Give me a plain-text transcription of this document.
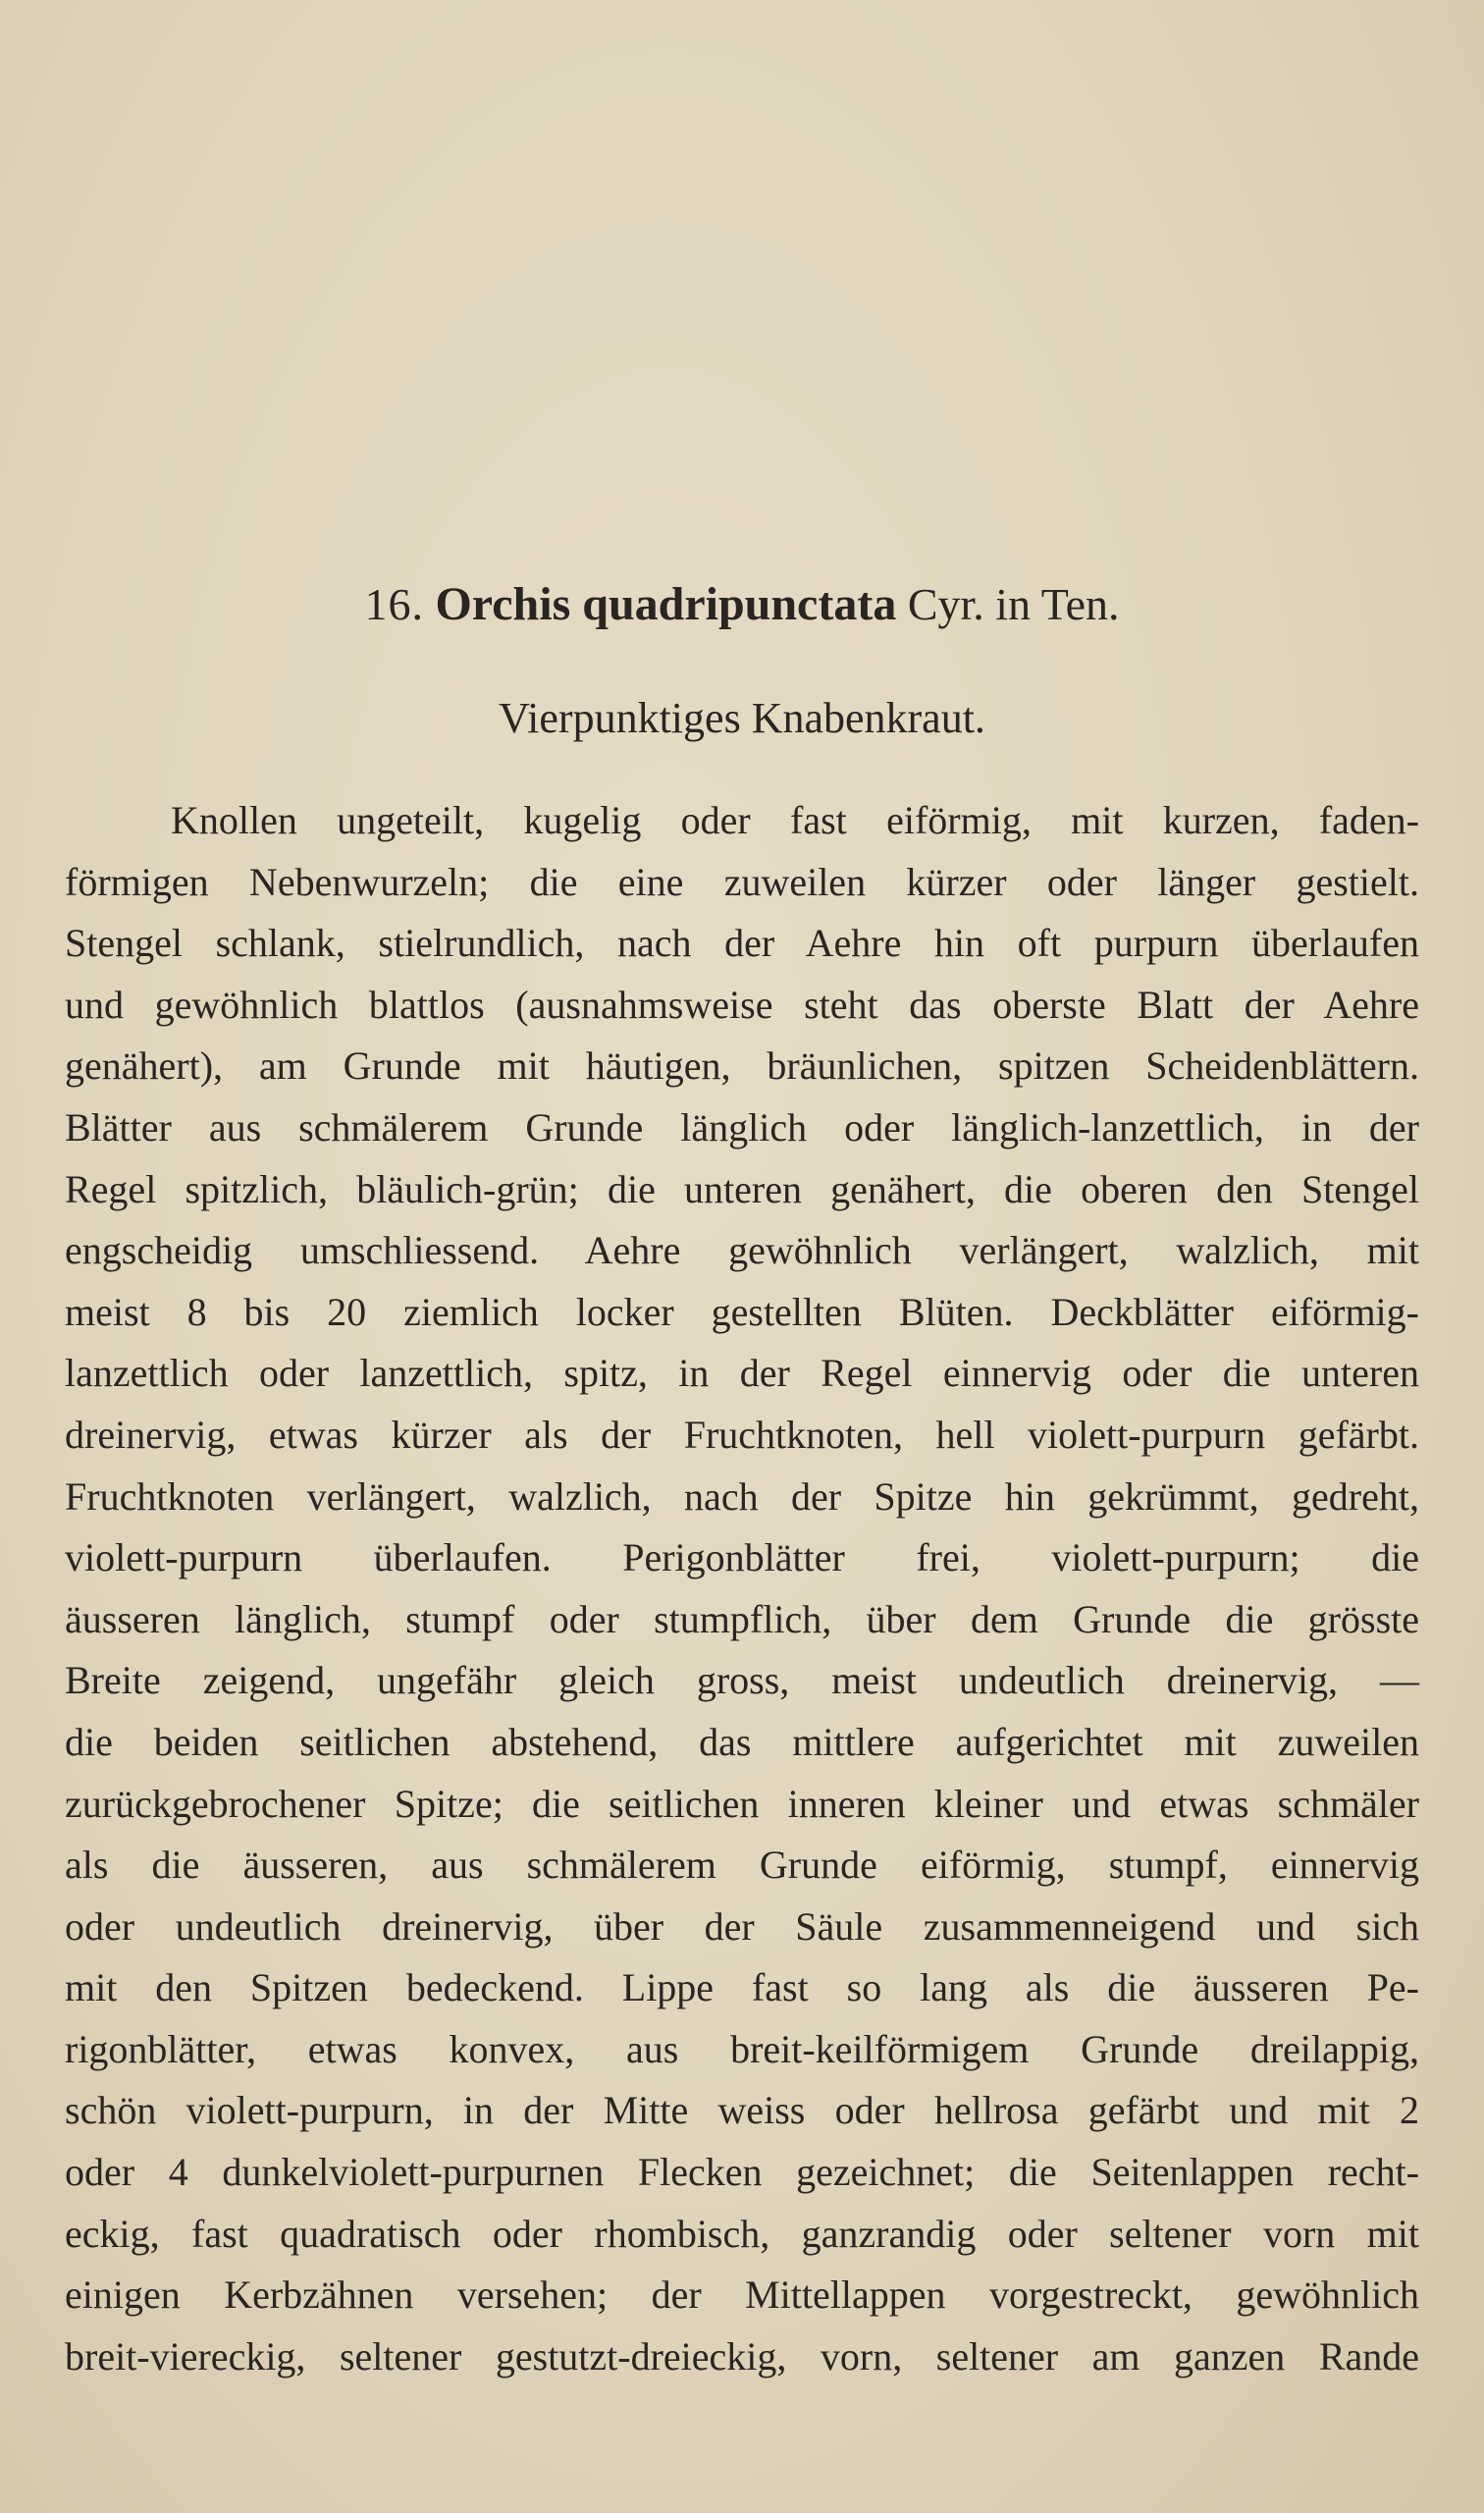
16. Orchis quadripunctata Cyr. in Ten.
Vierpunktiges Knabenkraut.
Knollen ungeteilt, kugelig oder fast eiförmig, mit kurzen, faden-
förmigen Nebenwurzeln; die eine zuweilen kürzer oder länger gestielt.
Stengel schlank, stielrundlich, nach der Aehre hin oft purpurn überlaufen
und gewöhnlich blattlos (ausnahmsweise steht das oberste Blatt der Aehre
genähert), am Grunde mit häutigen, bräunlichen, spitzen Scheidenblättern.
Blätter aus schmälerem Grunde länglich oder länglich-lanzettlich, in der
Regel spitzlich, bläulich-grün; die unteren genähert, die oberen den Stengel
engscheidig umschliessend. Aehre gewöhnlich verlängert, walzlich, mit
meist 8 bis 20 ziemlich locker gestellten Blüten. Deckblätter eiförmig-
lanzettlich oder lanzettlich, spitz, in der Regel einnervig oder die unteren
dreinervig, etwas kürzer als der Fruchtknoten, hell violett-purpurn gefärbt.
Fruchtknoten verlängert, walzlich, nach der Spitze hin gekrümmt, gedreht,
violett-purpurn überlaufen. Perigonblätter frei, violett-purpurn; die
äusseren länglich, stumpf oder stumpflich, über dem Grunde die grösste
Breite zeigend, ungefähr gleich gross, meist undeutlich dreinervig, —
die beiden seitlichen abstehend, das mittlere aufgerichtet mit zuweilen
zurückgebrochener Spitze; die seitlichen inneren kleiner und etwas schmäler
als die äusseren, aus schmälerem Grunde eiförmig, stumpf, einnervig
oder undeutlich dreinervig, über der Säule zusammenneigend und sich
mit den Spitzen bedeckend. Lippe fast so lang als die äusseren Pe-
rigonblätter, etwas konvex, aus breit-keilförmigem Grunde dreilappig,
schön violett-purpurn, in der Mitte weiss oder hellrosa gefärbt und mit 2
oder 4 dunkelviolett-purpurnen Flecken gezeichnet; die Seitenlappen recht-
eckig, fast quadratisch oder rhombisch, ganzrandig oder seltener vorn mit
einigen Kerbzähnen versehen; der Mittellappen vorgestreckt, gewöhnlich
breit-viereckig, seltener gestutzt-dreieckig, vorn, seltener am ganzen Rande
